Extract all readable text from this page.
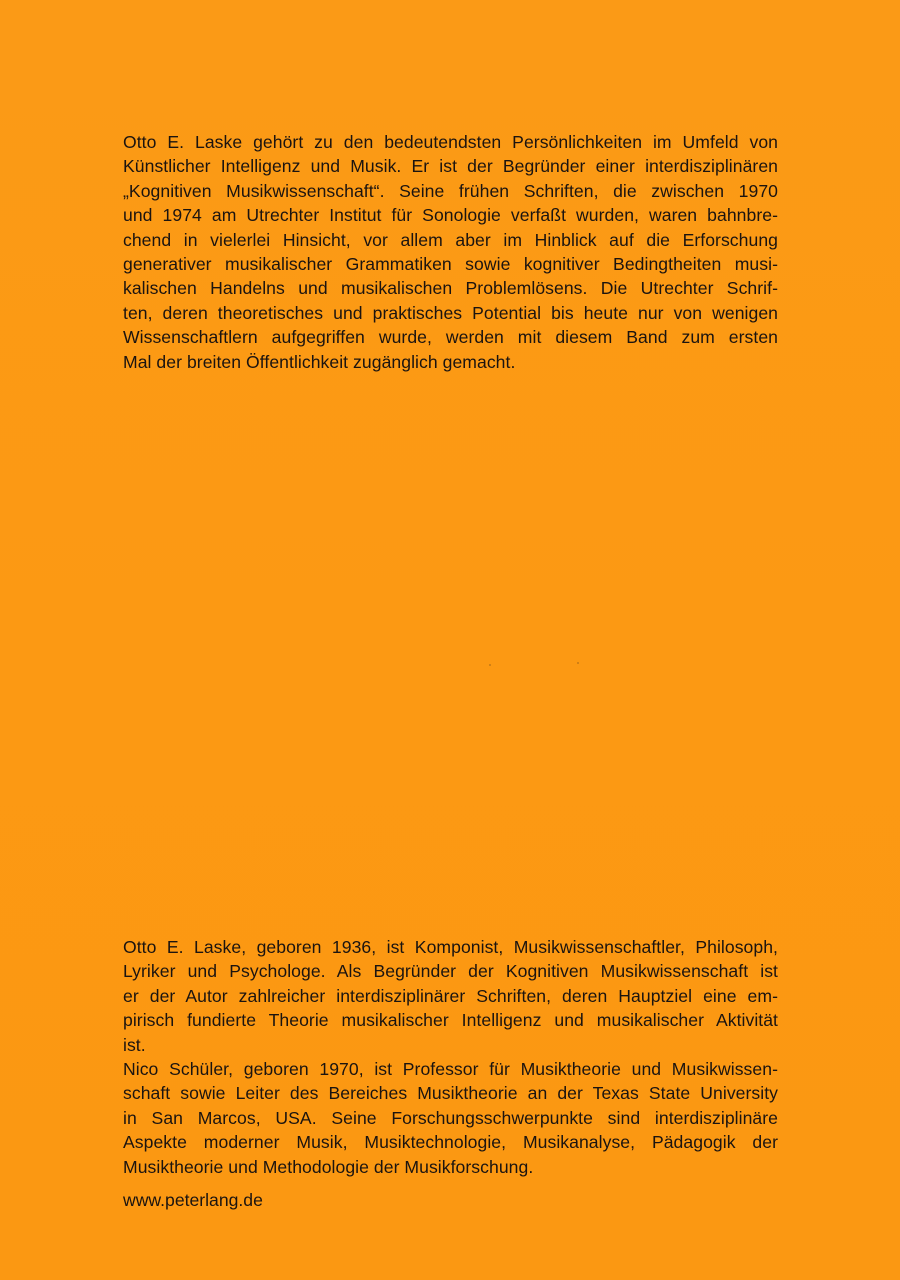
Otto E. Laske gehört zu den bedeutendsten Persönlichkeiten im Umfeld von
Künstlicher Intelligenz und Musik. Er ist der Begründer einer interdisziplinären
„Kognitiven Musikwissenschaft“. Seine frühen Schriften, die zwischen 1970
und 1974 am Utrechter Institut für Sonologie verfaßt wurden, waren bahnbre-
chend in vielerlei Hinsicht, vor allem aber im Hinblick auf die Erforschung
generativer musikalischer Grammatiken sowie kognitiver Bedingtheiten musi-
kalischen Handelns und musikalischen Problemlösens. Die Utrechter Schrif-
ten, deren theoretisches und praktisches Potential bis heute nur von wenigen
Wissenschaftlern aufgegriffen wurde, werden mit diesem Band zum ersten
Mal der breiten Öffentlichkeit zugänglich gemacht.

Otto E. Laske, geboren 1936, ist Komponist, Musikwissenschaftler, Philosoph,
Lyriker und Psychologe. Als Begründer der Kognitiven Musikwissenschaft ist
er der Autor zahlreicher interdisziplinärer Schriften, deren Hauptziel eine em-
pirisch fundierte Theorie musikalischer Intelligenz und musikalischer Aktivität
ist.

Nico Schüler, geboren 1970, ist Professor für Musiktheorie und Musikwissen-
schaft sowie Leiter des Bereiches Musiktheorie an der Texas State University
in San Marcos, USA. Seine Forschungsschwerpunkte sind interdisziplinäre
Aspekte moderner Musik, Musiktechnologie, Musikanalyse, Pädagogik der
Musiktheorie und Methodologie der Musikforschung.

www.peterlang.de
